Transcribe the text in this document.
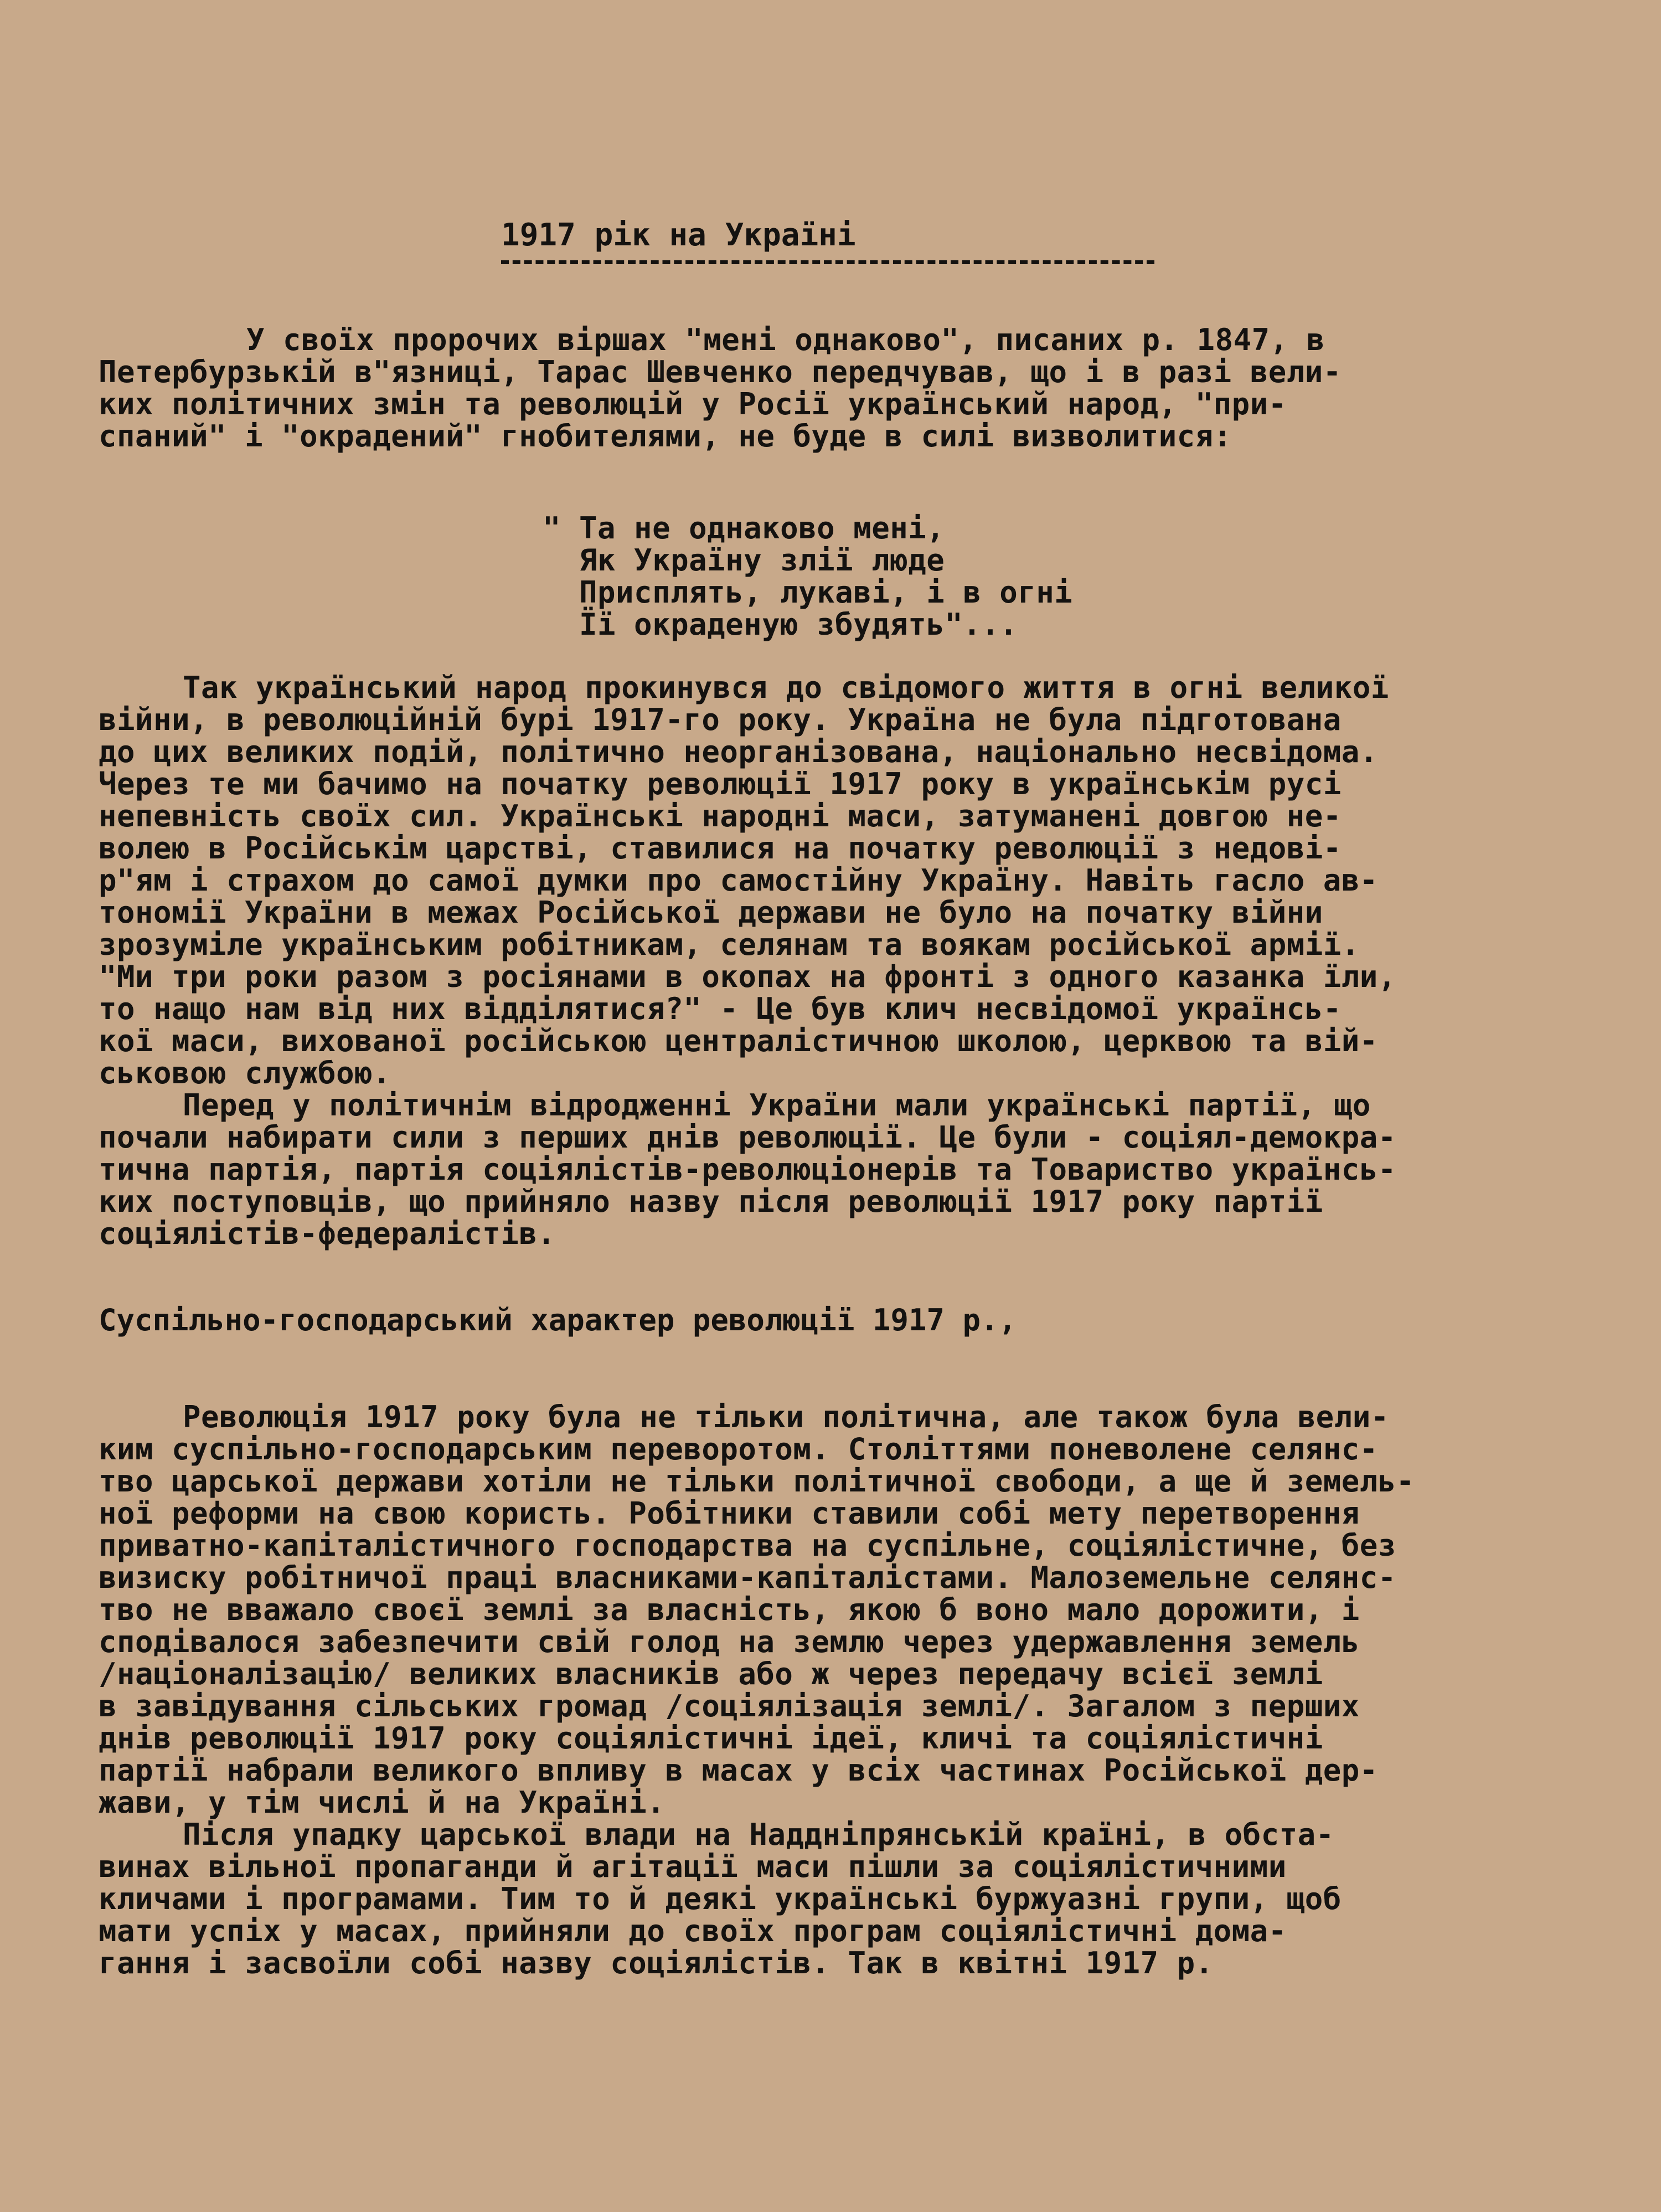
1917 рік на Україні
У своїх пророчих віршах "мені однаково", писаних р. 1847, в
Петербурзькій в"язниці, Тарас Шевченко передчував, що і в разі вели-
ких політичних змін та революцій у Росії український народ, "при-
спаний" і "окрадений" гнобителями, не буде в силі визволитися:
" Та не однаково мені,
Як Україну злії люде
Присплять, лукаві, і в огні
Її окраденую збудять"...
Так український народ прокинувся до свідомого життя в огні великої
війни, в революційній бурі 1917-го року. Україна не була підготована
до цих великих подій, політично неорганізована, національно несвідома.
Через те ми бачимо на початку революції 1917 року в українськім русі
непевність своїх сил. Українські народні маси, затуманені довгою не-
волею в Російськім царстві, ставилися на початку революції з недові-
р"ям і страхом до самої думки про самостійну Україну. Навіть гасло ав-
тономії України в межах Російської держави не було на початку війни
зрозуміле українським робітникам, селянам та воякам російської армії.
"Ми три роки разом з росіянами в окопах на фронті з одного казанка їли,
то нащо нам від них відділятися?" - Це був клич несвідомої українсь-
кої маси, вихованої російською централістичною школою, церквою та вій-
ськовою службою.
Перед у політичнім відродженні України мали українські партії, що
почали набирати сили з перших днів революції. Це були - соціял-демокра-
тична партія, партія соціялістів-революціонерів та Товариство українсь-
ких поступовців, що прийняло назву після революції 1917 року партії
соціялістів-федералістів.
Суспільно-господарський характер революції 1917 р.,
Революція 1917 року була не тільки політична, але також була вели-
ким суспільно-господарським переворотом. Століттями поневолене селянс-
тво царської держави хотіли не тільки політичної свободи, а ще й земель-
ної реформи на свою користь. Робітники ставили собі мету перетворення
приватно-капіталістичного господарства на суспільне, соціялістичне, без
визиску робітничої праці власниками-капіталістами. Малоземельне селянс-
тво не вважало своєї землі за власність, якою б воно мало дорожити, і
сподівалося забезпечити свій голод на землю через удержавлення земель
/націоналізацію/ великих власників або ж через передачу всієї землі
в завідування сільських громад /соціялізація землі/. Загалом з перших
днів революції 1917 року соціялістичні ідеї, кличі та соціялістичні
партії набрали великого впливу в масах у всіх частинах Російської дер-
жави, у тім числі й на Україні.
Після упадку царської влади на Наддніпрянській країні, в обста-
винах вільної пропаганди й агітації маси пішли за соціялістичними
кличами і програмами. Тим то й деякі українські буржуазні групи, щоб
мати успіх у масах, прийняли до своїх програм соціялістичні дома-
гання і засвоїли собі назву соціялістів. Так в квітні 1917 р.
